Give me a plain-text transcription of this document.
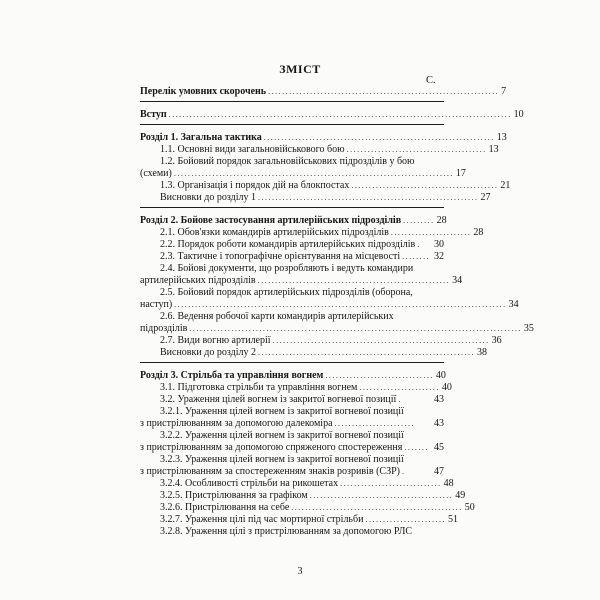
ЗМІСТ
С.
Перелік умовних скорочень .................................................................. 7
Вступ .................................................................................................. 10
Розділ 1. Загальна тактика .................................................................. 13
1.1. Основні види загальновійськового бою ........................................ 13
1.2. Бойовий порядок загальновійськових підрозділів у бою
(схеми) ................................................................................ 17
1.3. Організація і порядок дій на блокпостах .......................................... 21
Висновки до розділу 1 ............................................................... 27
Розділ 2. Бойове застосування артилерійських підрозділів ......... 28
2.1. Обов'язки командирів артилерійських підрозділів ....................... 28
2.2. Порядок роботи командирів артилерійських підрозділів .	30
2.3. Тактичне і топографічне орієнтування на місцевості ........ 32
2.4. Бойові документи, що розробляють і ведуть командири
артилерійських підрозділів ....................................................... 34
2.5. Бойовий порядок артилерійських підрозділів (оборона,
наступ) ............................................................................................... 34
2.6. Ведення робочої карти командирів артилерійських
підрозділів ............................................................................................... 35
2.7. Види вогню артилерії .............................................................. 36
Висновки до розділу 2 .............................................................. 38
Розділ 3. Стрільба та управління вогнем ............................... 40
3.1. Підготовка стрільби та управління вогнем ....................... 40
3.2. Ураження цілей вогнем із закритої вогневої позиції .	43
3.2.1. Ураження цілей вогнем із закритої вогневої позиції
з пристрілюванням за допомогою далекоміра .......................	43
3.2.2. Ураження цілей вогнем із закритої вогневої позиції
з пристрілюванням за допомогою спряженого спостереження ....... 45
3.2.3. Ураження цілей вогнем із закритої вогневої позиції
з пристрілюванням за спостереженням знаків розривів (СЗР) .	47
3.2.4. Особливості стрільби на рикошетах ............................. 48
3.2.5. Пристрілювання за графіком ......................................... 49
3.2.6. Пристрілювання на себе ................................................. 50
3.2.7. Ураження цілі під час мортирної стрільби ....................... 51
3.2.8. Ураження цілі з пристрілюванням за допомогою РЛС
3
